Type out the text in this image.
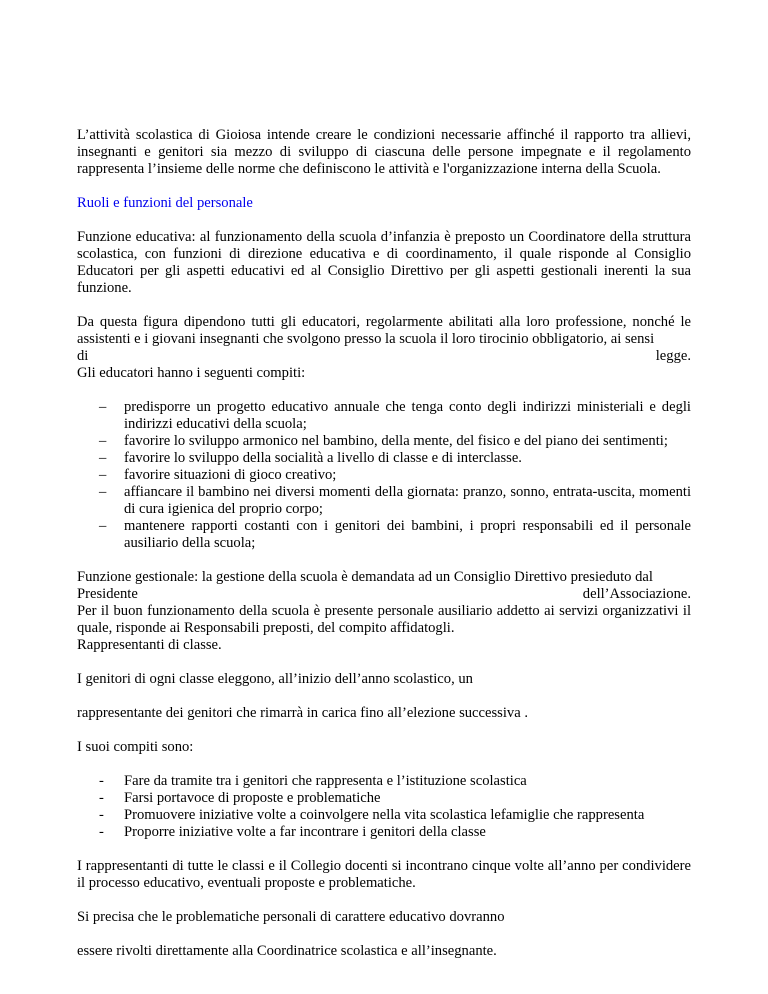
L’attività scolastica di Gioiosa intende creare le condizioni necessarie affinché il rapporto tra allievi, insegnanti e genitori sia mezzo di sviluppo di ciascuna delle persone impegnate e il regolamento rappresenta l’insieme delle norme che definiscono le attività e l'organizzazione interna della Scuola.

Ruoli e funzioni del personale

Funzione educativa: al funzionamento della scuola d’infanzia è preposto un Coordinatore della struttura scolastica, con funzioni di direzione educativa e di coordinamento, il quale risponde al Consiglio Educatori per gli aspetti educativi ed al Consiglio Direttivo per gli aspetti gestionali inerenti la sua funzione.

Da questa figura dipendono tutti gli educatori, regolarmente abilitati alla loro professione, nonché le assistenti e i giovani insegnanti che svolgono presso la scuola il loro tirocinio obbligatorio, ai sensi

di	legge.

Gli educatori hanno i seguenti compiti:

– predisporre un progetto educativo annuale che tenga conto degli indirizzi ministeriali e degli indirizzi educativi della scuola;
– favorire lo sviluppo armonico nel bambino, della mente, del fisico e del piano dei sentimenti;
– favorire lo sviluppo della socialità a livello di classe e di interclasse.
– favorire situazioni di gioco creativo;
– affiancare il bambino nei diversi momenti della giornata: pranzo, sonno, entrata-uscita, momenti di cura igienica del proprio corpo;
– mantenere rapporti costanti con i genitori dei bambini, i propri responsabili ed il personale ausiliario della scuola;

Funzione gestionale: la gestione della scuola è demandata ad un Consiglio Direttivo presieduto dal

Presidente	dell’Associazione.

Per il buon funzionamento della scuola è presente personale ausiliario addetto ai servizi organizzativi il quale, risponde ai Responsabili preposti, del compito affidatogli.

Rappresentanti di classe.

I genitori di ogni classe eleggono, all’inizio dell’anno scolastico, un

rappresentante dei genitori che rimarrà in carica fino all’elezione successiva .

I suoi compiti sono:

- Fare da tramite tra i genitori che rappresenta e l’istituzione scolastica
- Farsi portavoce di proposte e problematiche
- Promuovere iniziative volte a coinvolgere nella vita scolastica lefamiglie che rappresenta
- Proporre iniziative volte a far incontrare i genitori della classe

I rappresentanti di tutte le classi e il Collegio docenti si incontrano cinque volte all’anno per condividere il processo educativo, eventuali proposte e problematiche.

Si precisa che le problematiche personali di carattere educativo dovranno

essere rivolti direttamente alla Coordinatrice scolastica e all’insegnante.
